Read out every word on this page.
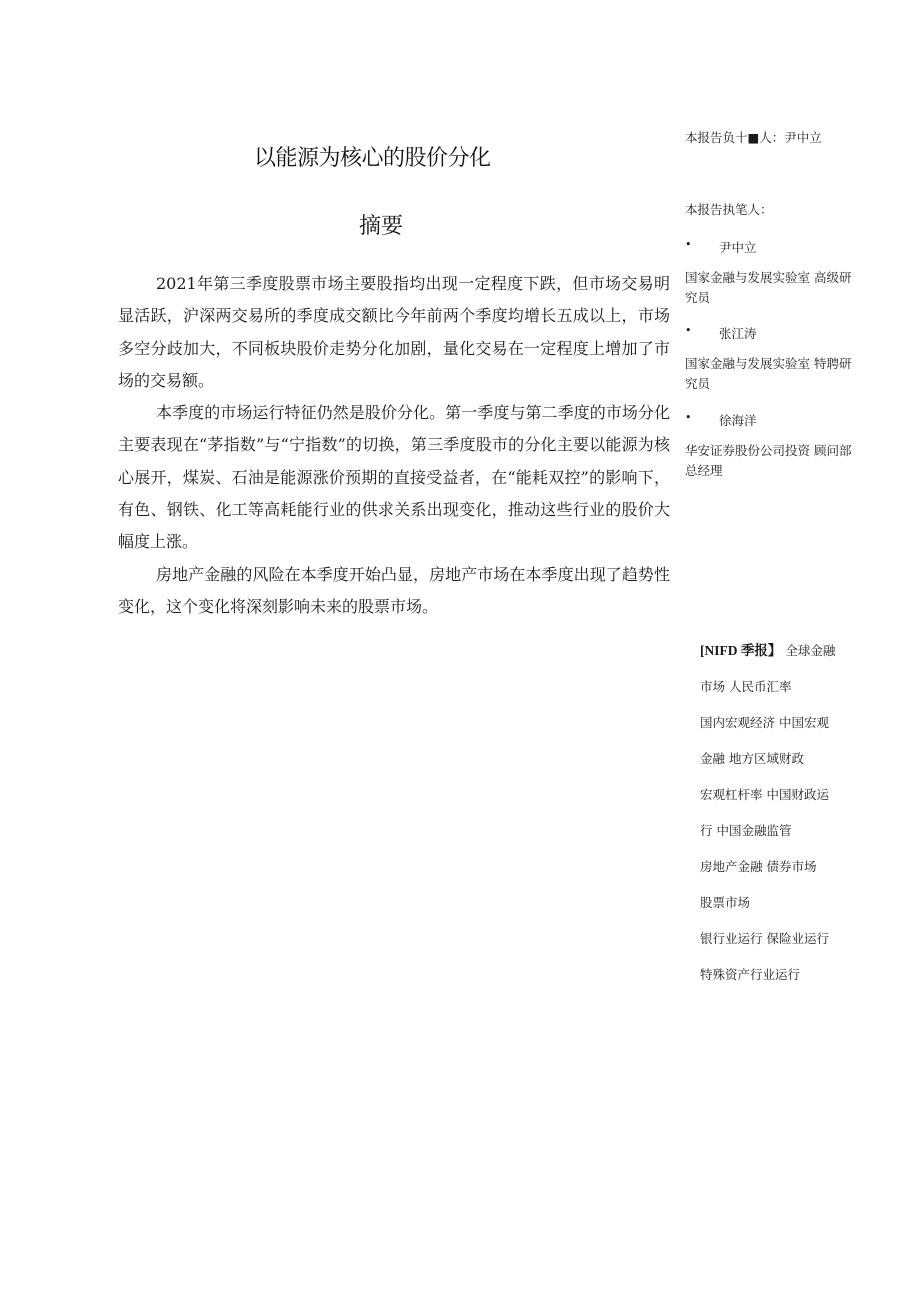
以能源为核心的股价分化
摘要

2021年第三季度股票市场主要股指均出现一定程度下跌，但市场交易明显活跃，沪深两交易所的季度成交额比今年前两个季度均增长五成以上，市场多空分歧加大，不同板块股价走势分化加剧，量化交易在一定程度上增加了市场的交易额。

本季度的市场运行特征仍然是股价分化。第一季度与第二季度的市场分化主要表现在“茅指数”与“宁指数”的切换，第三季度股市的分化主要以能源为核心展开，煤炭、石油是能源涨价预期的直接受益者，在“能耗双控”的影响下，有色、钢铁、化工等高耗能行业的供求关系出现变化，推动这些行业的股价大幅度上涨。

房地产金融的风险在本季度开始凸显，房地产市场在本季度出现了趋势性变化，这个变化将深刻影响未来的股票市场。

本报告负十■人：尹中立
本报告执笔人：
• 尹中立
国家金融与发展实验室 高级研究员
• 张江涛
国家金融与发展实验室 特聘研究员
• 徐海洋
华安证券股份公司投资 顾问部总经理

[NIFD 季报】 全球金融市场 人民币汇率

国内宏观经济 中国宏观金融 地方区域财政

宏观杠杆率 中国财政运行 中国金融监管

房地产金融 债券市场

股票市场

银行业运行 保险业运行

特殊资产行业运行
